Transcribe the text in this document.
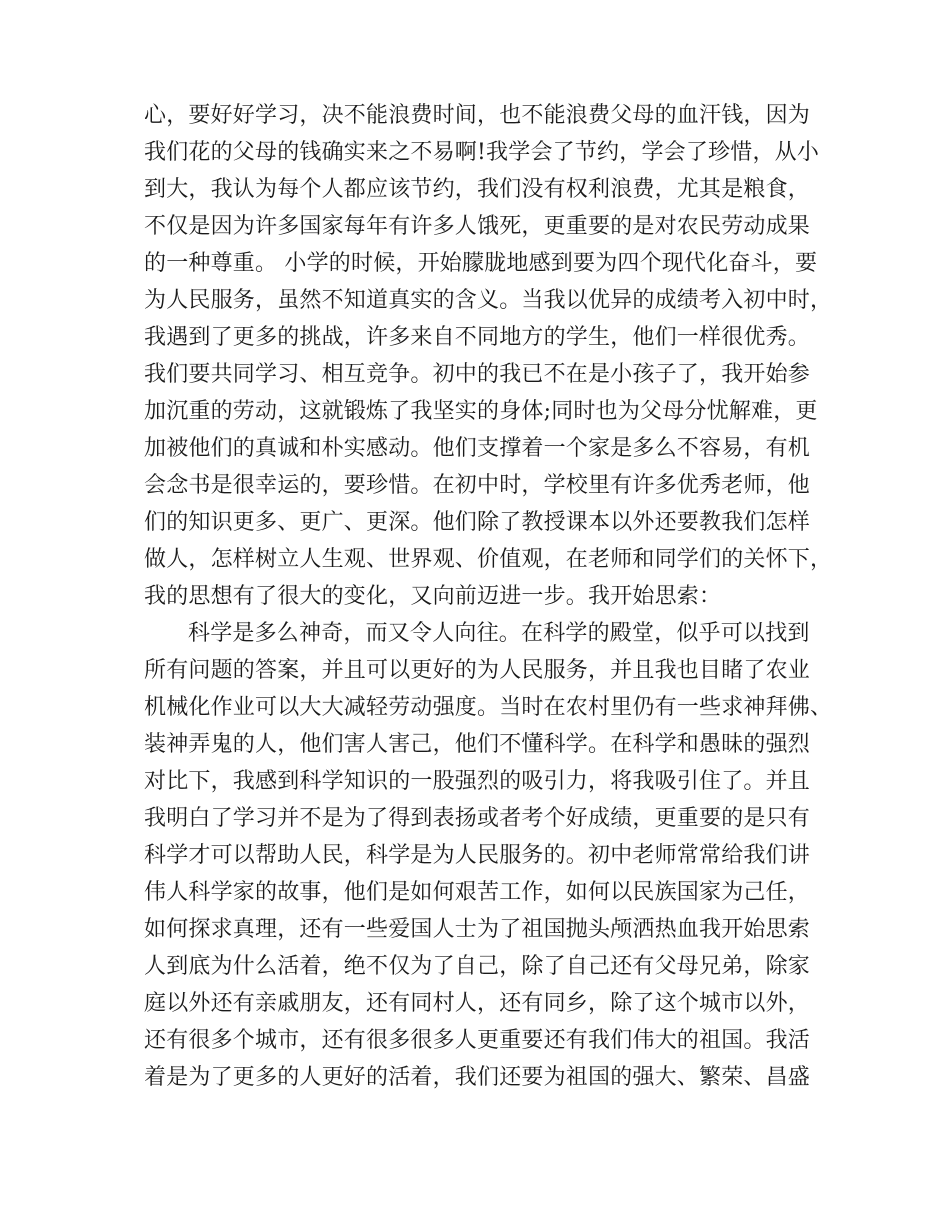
心，要好好学习，决不能浪费时间，也不能浪费父母的血汗钱，因为
我们花的父母的钱确实来之不易啊!我学会了节约，学会了珍惜，从小
到大，我认为每个人都应该节约，我们没有权利浪费，尤其是粮食，
不仅是因为许多国家每年有许多人饿死，更重要的是对农民劳动成果
的一种尊重。 小学的时候，开始朦胧地感到要为四个现代化奋斗，要
为人民服务，虽然不知道真实的含义。当我以优异的成绩考入初中时，
我遇到了更多的挑战，许多来自不同地方的学生，他们一样很优秀。
我们要共同学习、相互竞争。初中的我已不在是小孩子了，我开始参
加沉重的劳动，这就锻炼了我坚实的身体;同时也为父母分忧解难，更
加被他们的真诚和朴实感动。他们支撑着一个家是多么不容易，有机
会念书是很幸运的，要珍惜。在初中时，学校里有许多优秀老师，他
们的知识更多、更广、更深。他们除了教授课本以外还要教我们怎样
做人，怎样树立人生观、世界观、价值观，在老师和同学们的关怀下，
我的思想有了很大的变化，又向前迈进一步。我开始思索：
科学是多么神奇，而又令人向往。在科学的殿堂，似乎可以找到
所有问题的答案，并且可以更好的为人民服务，并且我也目睹了农业
机械化作业可以大大减轻劳动强度。当时在农村里仍有一些求神拜佛、
装神弄鬼的人，他们害人害己，他们不懂科学。在科学和愚昧的强烈
对比下，我感到科学知识的一股强烈的吸引力，将我吸引住了。并且
我明白了学习并不是为了得到表扬或者考个好成绩，更重要的是只有
科学才可以帮助人民，科学是为人民服务的。初中老师常常给我们讲
伟人科学家的故事，他们是如何艰苦工作，如何以民族国家为己任，
如何探求真理，还有一些爱国人士为了祖国抛头颅洒热血我开始思索
人到底为什么活着，绝不仅为了自己，除了自己还有父母兄弟，除家
庭以外还有亲戚朋友，还有同村人，还有同乡，除了这个城市以外，
还有很多个城市，还有很多很多人更重要还有我们伟大的祖国。我活
着是为了更多的人更好的活着，我们还要为祖国的强大、繁荣、昌盛
